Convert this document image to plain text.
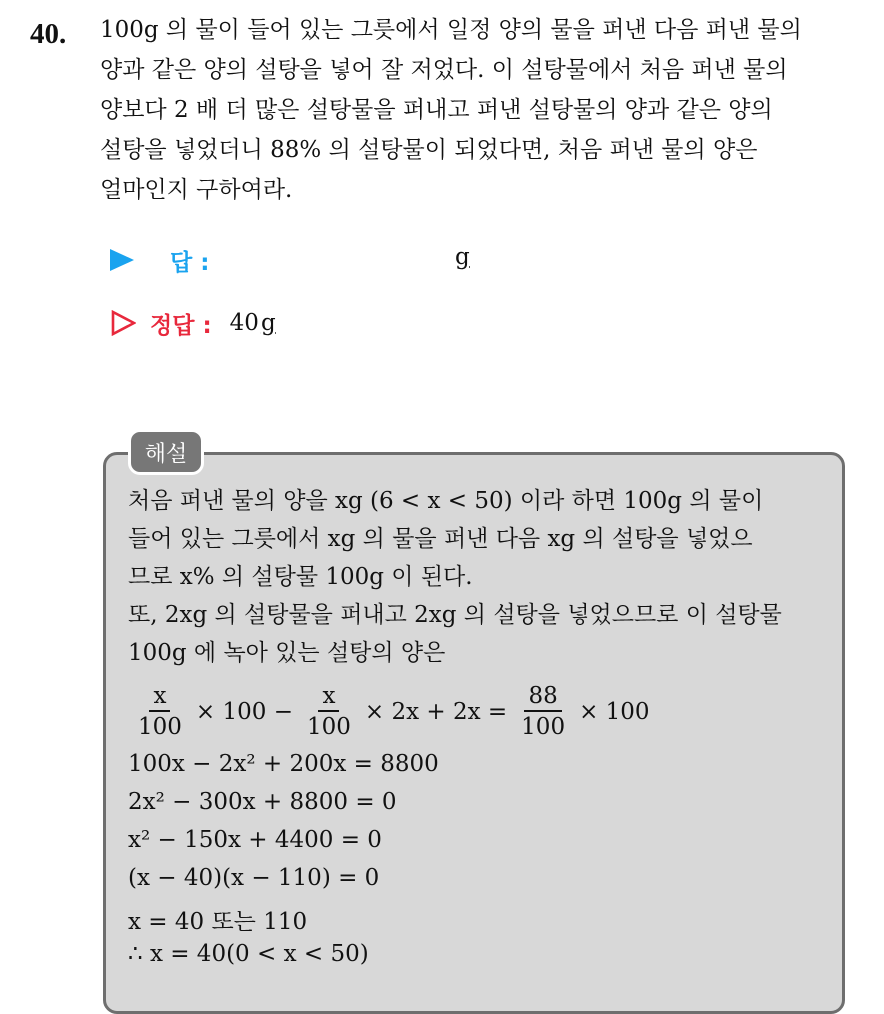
40. 100g 의 물이 들어 있는 그릇에서 일정 양의 물을 퍼낸 다음 퍼낸 물의
양과 같은 양의 설탕을 넣어 잘 저었다. 이 설탕물에서 처음 퍼낸 물의
양보다 2 배 더 많은 설탕물을 퍼내고 퍼낸 설탕물의 양과 같은 양의
설탕을 넣었더니 88% 의 설탕물이 되었다면, 처음 퍼낸 물의 양은
얼마인지 구하여라.
답 :	g
정답 : 40g
해설
처음 퍼낸 물의 양을 xg (6 < x < 50) 이라 하면 100g 의 물이
들어 있는 그릇에서 xg 의 물을 퍼낸 다음 xg 의 설탕을 넣었으
므로 x% 의 설탕물 100g 이 된다.
또, 2xg 의 설탕물을 퍼내고 2xg 의 설탕을 넣었으므로 이 설탕물
100g 에 녹아 있는 설탕의 양은
$\frac{x}{100} \times 100 - \frac{x}{100} \times 2x + 2x = \frac{88}{100} \times 100$
100x − 2x² + 200x = 8800
2x² − 300x + 8800 = 0
x² − 150x + 4400 = 0
(x − 40)(x − 110) = 0
x = 40 또는 110
∴ x = 40(0 < x < 50)
